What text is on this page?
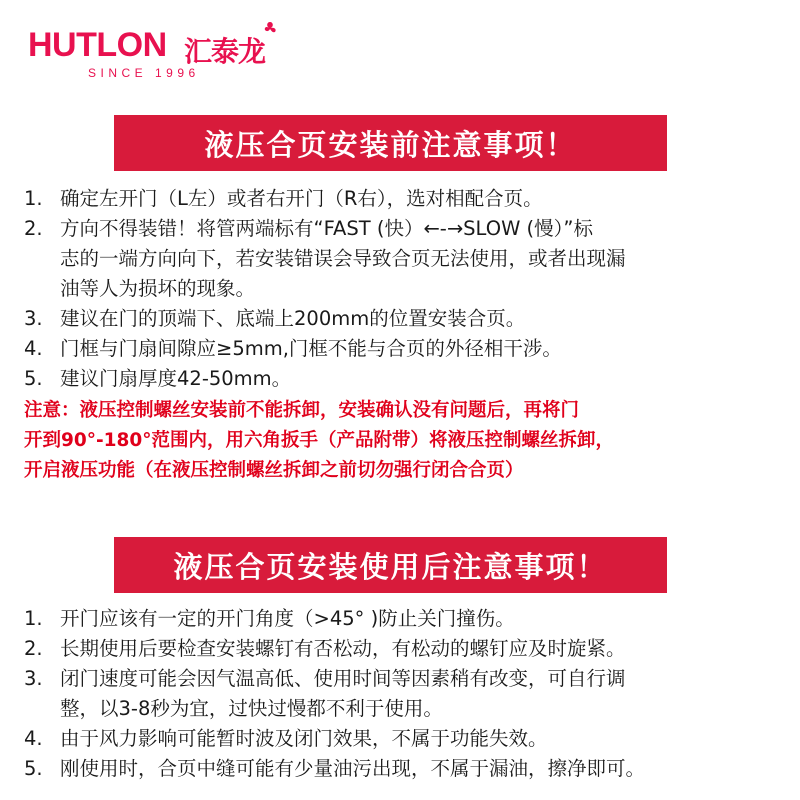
HUTLON 汇泰龙
SINCE 1996
液压合页安装前注意事项！
1. 确定左开门（L左）或者右开门（R右），选对相配合页。
2. 方向不得装错！将管两端标有“FAST (快）←-→SLOW (慢）”标
志的一端方向向下，若安装错误会导致合页无法使用，或者出现漏
油等人为损坏的现象。
3. 建议在门的顶端下、底端上200mm的位置安装合页。
4. 门框与门扇间隙应≥5mm,门框不能与合页的外径相干涉。
5. 建议门扇厚度42-50mm。
注意：液压控制螺丝安装前不能拆卸，安装确认没有问题后，再将门
开到90°-180°范围内，用六角扳手（产品附带）将液压控制螺丝拆卸，
开启液压功能（在液压控制螺丝拆卸之前切勿强行闭合合页）
液压合页安装使用后注意事项！
1. 开门应该有一定的开门角度（>45° )防止关门撞伤。
2. 长期使用后要检查安装螺钉有否松动，有松动的螺钉应及时旋紧。
3. 闭门速度可能会因气温高低、使用时间等因素稍有改变，可自行调
整，以3-8秒为宜，过快过慢都不利于使用。
4. 由于风力影响可能暂时波及闭门效果，不属于功能失效。
5. 刚使用时，合页中缝可能有少量油污出现，不属于漏油，擦净即可。
